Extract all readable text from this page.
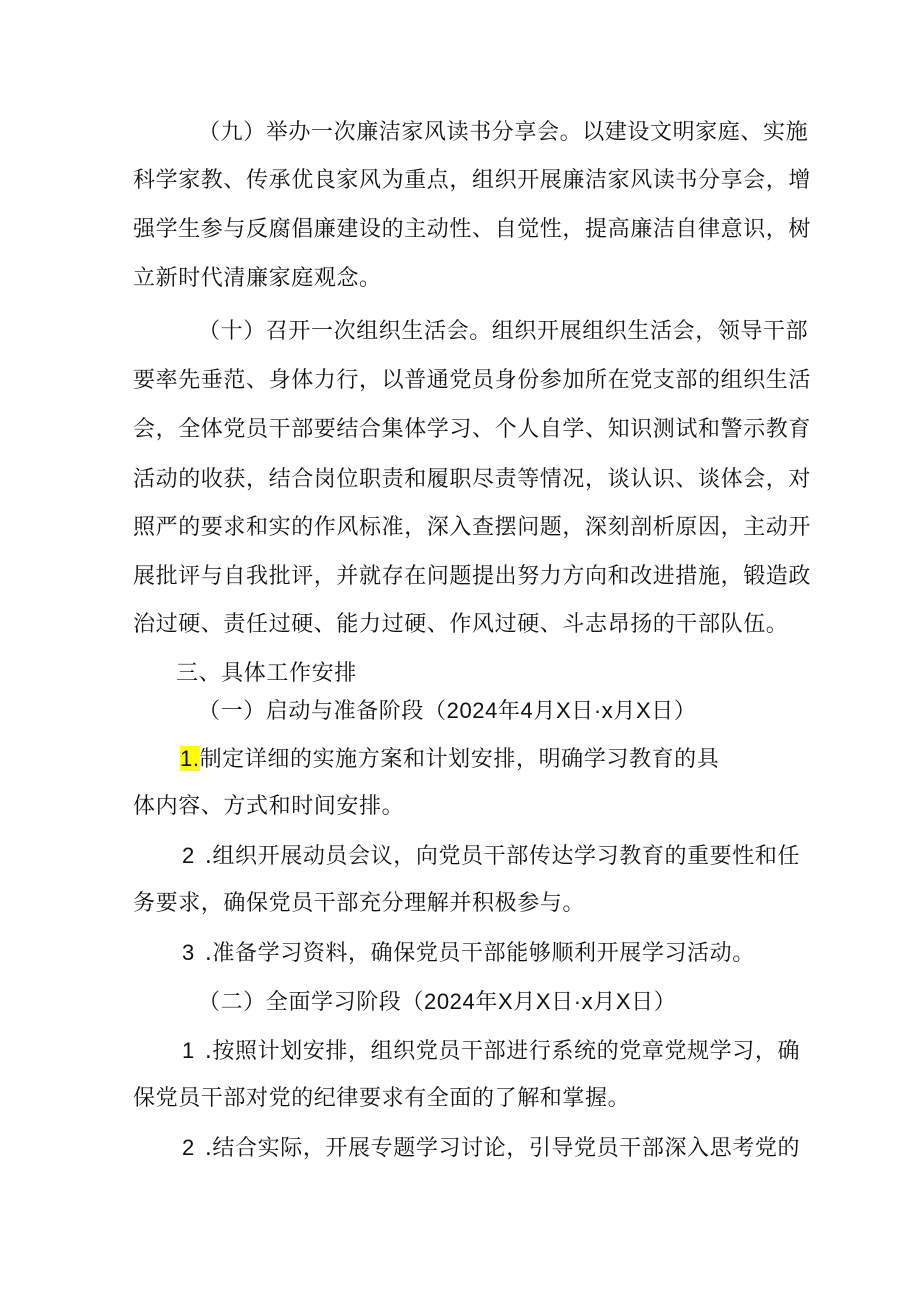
（九）举办一次廉洁家风读书分享会。以建设文明家庭、实施
科学家教、传承优良家风为重点，组织开展廉洁家风读书分享会，增
强学生参与反腐倡廉建设的主动性、自觉性，提高廉洁自律意识，树
立新时代清廉家庭观念。
（十）召开一次组织生活会。组织开展组织生活会，领导干部
要率先垂范、身体力行，以普通党员身份参加所在党支部的组织生活
会，全体党员干部要结合集体学习、个人自学、知识测试和警示教育
活动的收获，结合岗位职责和履职尽责等情况，谈认识、谈体会，对
照严的要求和实的作风标准，深入查摆问题，深刻剖析原因，主动开
展批评与自我批评，并就存在问题提出努力方向和改进措施，锻造政
治过硬、责任过硬、能力过硬、作风过硬、斗志昂扬的干部队伍。
三、具体工作安排
（一）启动与准备阶段（2024年4月X日·x月X日）
1.制定详细的实施方案和计划安排，明确学习教育的具
体内容、方式和时间安排。
2 .组织开展动员会议，向党员干部传达学习教育的重要性和任
务要求，确保党员干部充分理解并积极参与。
3 .准备学习资料，确保党员干部能够顺利开展学习活动。
（二）全面学习阶段（2024年X月X日·x月X日）
1 .按照计划安排，组织党员干部进行系统的党章党规学习，确
保党员干部对党的纪律要求有全面的了解和掌握。
2 .结合实际，开展专题学习讨论，引导党员干部深入思考党的
